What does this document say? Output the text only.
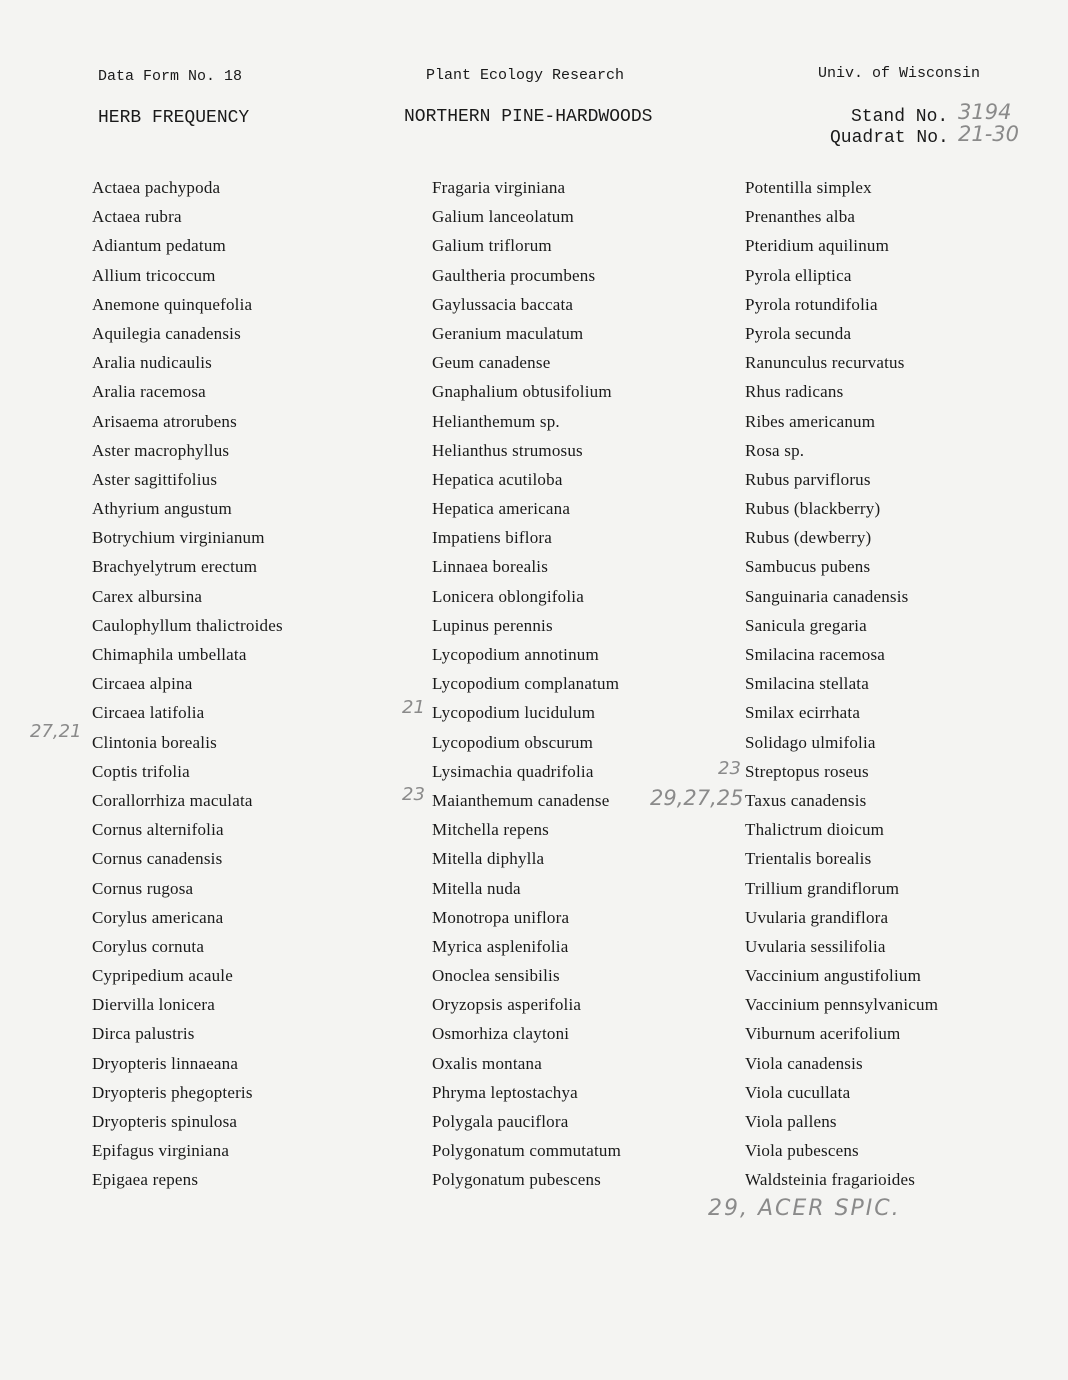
Data Form No. 18	Plant Ecology Research	Univ. of Wisconsin
HERB FREQUENCY	NORTHERN PINE-HARDWOODS	Stand No.
Quadrat No.
3194
21-30
Actaea pachypoda
Actaea rubra
Adiantum pedatum
Allium tricoccum
Anemone quinquefolia
Aquilegia canadensis
Aralia nudicaulis
Aralia racemosa
Arisaema atrorubens
Aster macrophyllus
Aster sagittifolius
Athyrium angustum
Botrychium virginianum
Brachyelytrum erectum
Carex albursina
Caulophyllum thalictroides
Chimaphila umbellata
Circaea alpina
Circaea latifolia
Clintonia borealis
Coptis trifolia
Corallorrhiza maculata
Cornus alternifolia
Cornus canadensis
Cornus rugosa
Corylus americana
Corylus cornuta
Cypripedium acaule
Diervilla lonicera
Dirca palustris
Dryopteris linnaeana
Dryopteris phegopteris
Dryopteris spinulosa
Epifagus virginiana
Epigaea repens
Fragaria virginiana
Galium lanceolatum
Galium triflorum
Gaultheria procumbens
Gaylussacia baccata
Geranium maculatum
Geum canadense
Gnaphalium obtusifolium
Helianthemum sp.
Helianthus strumosus
Hepatica acutiloba
Hepatica americana
Impatiens biflora
Linnaea borealis
Lonicera oblongifolia
Lupinus perennis
Lycopodium annotinum
Lycopodium complanatum
Lycopodium lucidulum
Lycopodium obscurum
Lysimachia quadrifolia
Maianthemum canadense
Mitchella repens
Mitella diphylla
Mitella nuda
Monotropa uniflora
Myrica asplenifolia
Onoclea sensibilis
Oryzopsis asperifolia
Osmorhiza claytoni
Oxalis montana
Phryma leptostachya
Polygala pauciflora
Polygonatum commutatum
Polygonatum pubescens
Potentilla simplex
Prenanthes alba
Pteridium aquilinum
Pyrola elliptica
Pyrola rotundifolia
Pyrola secunda
Ranunculus recurvatus
Rhus radicans
Ribes americanum
Rosa sp.
Rubus parviflorus
Rubus (blackberry)
Rubus (dewberry)
Sambucus pubens
Sanguinaria canadensis
Sanicula gregaria
Smilacina racemosa
Smilacina stellata
Smilax ecirrhata
Solidago ulmifolia
Streptopus roseus
Taxus canadensis
Thalictrum dioicum
Trientalis borealis
Trillium grandiflorum
Uvularia grandiflora
Uvularia sessilifolia
Vaccinium angustifolium
Vaccinium pennsylvanicum
Viburnum acerifolium
Viola canadensis
Viola cucullata
Viola pallens
Viola pubescens
Waldsteinia fragarioides
27,21
21
23
23
29,27,25
29, ACER SPIC.
